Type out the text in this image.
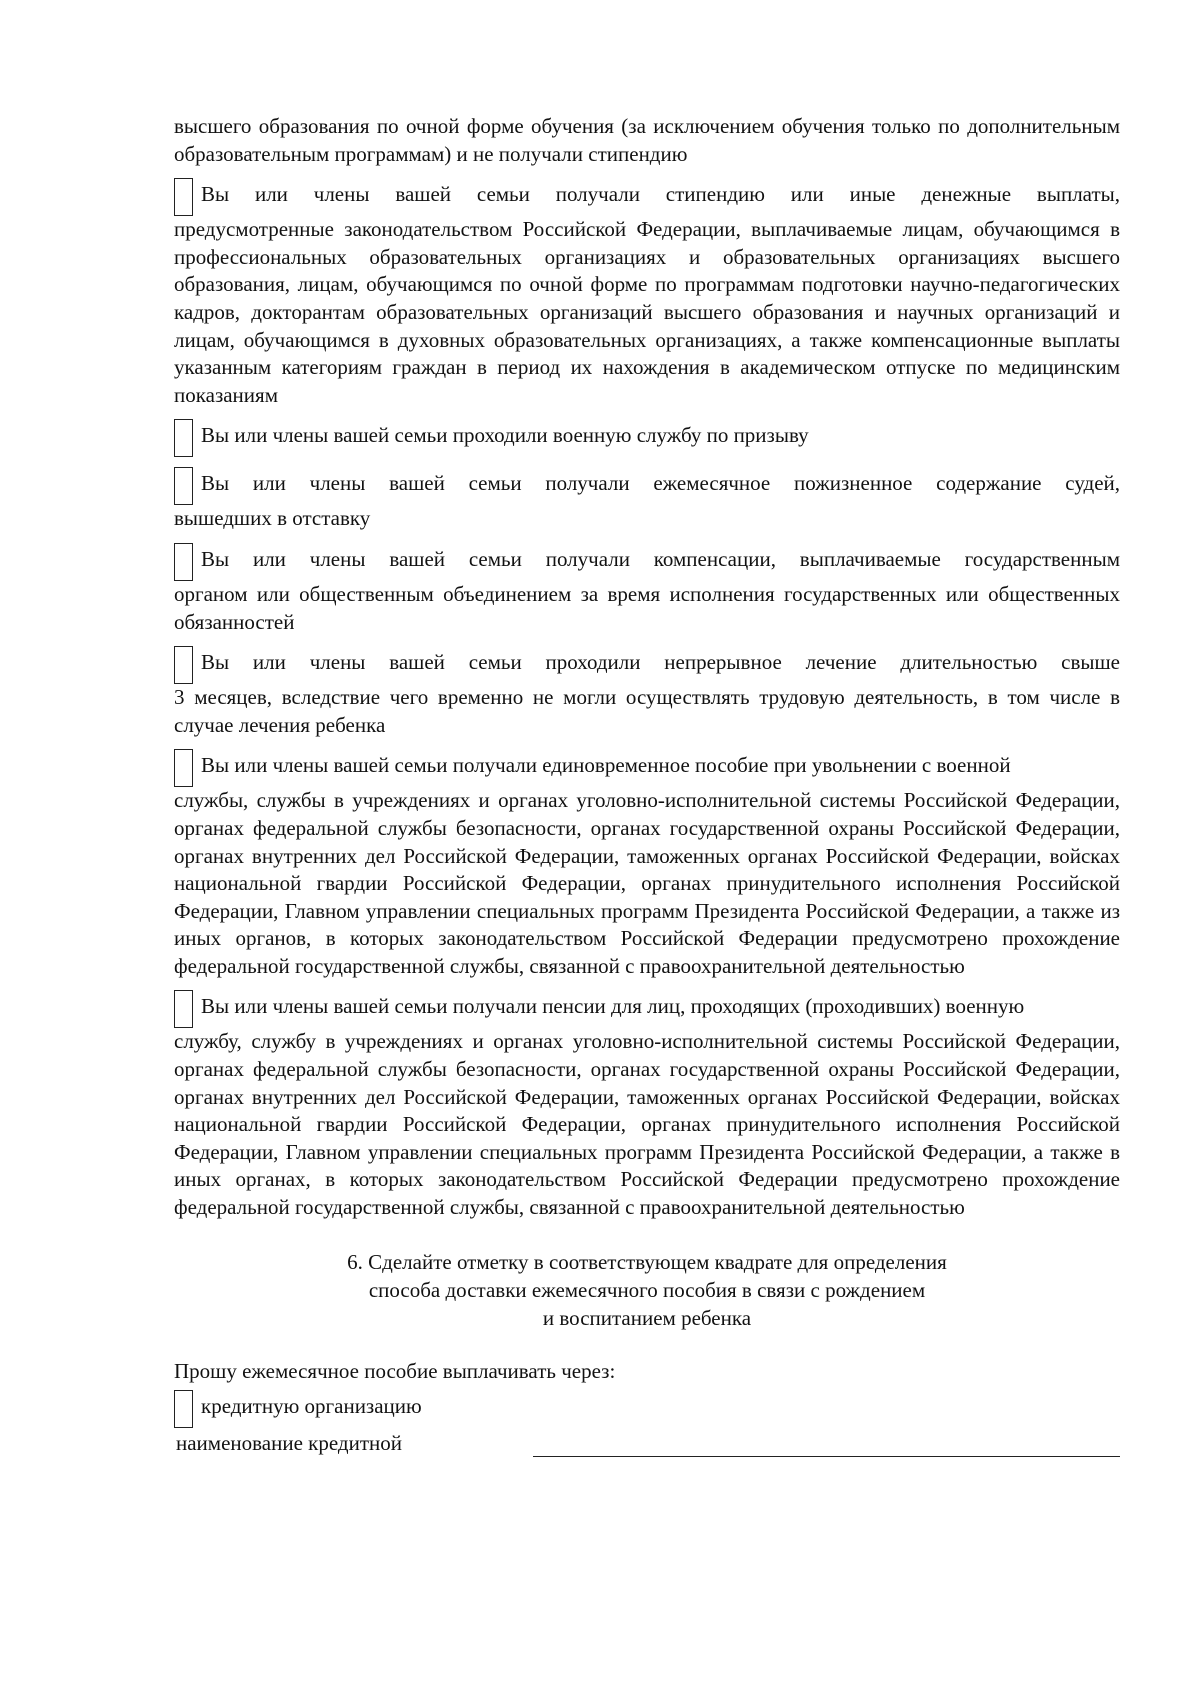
высшего образования по очной форме обучения (за исключением обучения только по дополнительным образовательным программам) и не получали стипендию

Вы или члены вашей семьи получали стипендию или иные денежные выплаты,
предусмотренные законодательством Российской Федерации, выплачиваемые лицам, обучающимся в профессиональных образовательных организациях и образовательных организациях высшего образования, лицам, обучающимся по очной форме по программам подготовки научно-педагогических кадров, докторантам образовательных организаций высшего образования и научных организаций и лицам, обучающимся в духовных образовательных организациях, а также компенсационные выплаты указанным категориям граждан в период их нахождения в академическом отпуске по медицинским показаниям
Вы или члены вашей семьи проходили военную службу по призыву
Вы или члены вашей семьи получали ежемесячное пожизненное содержание судей,
вышедших в отставку
Вы или члены вашей семьи получали компенсации, выплачиваемые государственным
органом или общественным объединением за время исполнения государственных или общественных обязанностей
Вы или члены вашей семьи проходили непрерывное лечение длительностью свыше
3 месяцев, вследствие чего временно не могли осуществлять трудовую деятельность, в том числе в случае лечения ребенка
Вы или члены вашей семьи получали единовременное пособие при увольнении с военной
службы, службы в учреждениях и органах уголовно-исполнительной системы Российской Федерации, органах федеральной службы безопасности, органах государственной охраны Российской Федерации, органах внутренних дел Российской Федерации, таможенных органах Российской Федерации, войсках национальной гвардии Российской Федерации, органах принудительного исполнения Российской Федерации, Главном управлении специальных программ Президента Российской Федерации, а также из иных органов, в которых законодательством Российской Федерации предусмотрено прохождение федеральной государственной службы, связанной с правоохранительной деятельностью
Вы или члены вашей семьи получали пенсии для лиц, проходящих (проходивших) военную
службу, службу в учреждениях и органах уголовно-исполнительной системы Российской Федерации, органах федеральной службы безопасности, органах государственной охраны Российской Федерации, органах внутренних дел Российской Федерации, таможенных органах Российской Федерации, войсках национальной гвардии Российской Федерации, органах принудительного исполнения Российской Федерации, Главном управлении специальных программ Президента Российской Федерации, а также в иных органах, в которых законодательством Российской Федерации предусмотрено прохождение федеральной государственной службы, связанной с правоохранительной деятельностью
6. Сделайте отметку в соответствующем квадрате для определения
способа доставки ежемесячного пособия в связи с рождением
и воспитанием ребенка
Прошу ежемесячное пособие выплачивать через:
кредитную организацию
наименование кредитной
